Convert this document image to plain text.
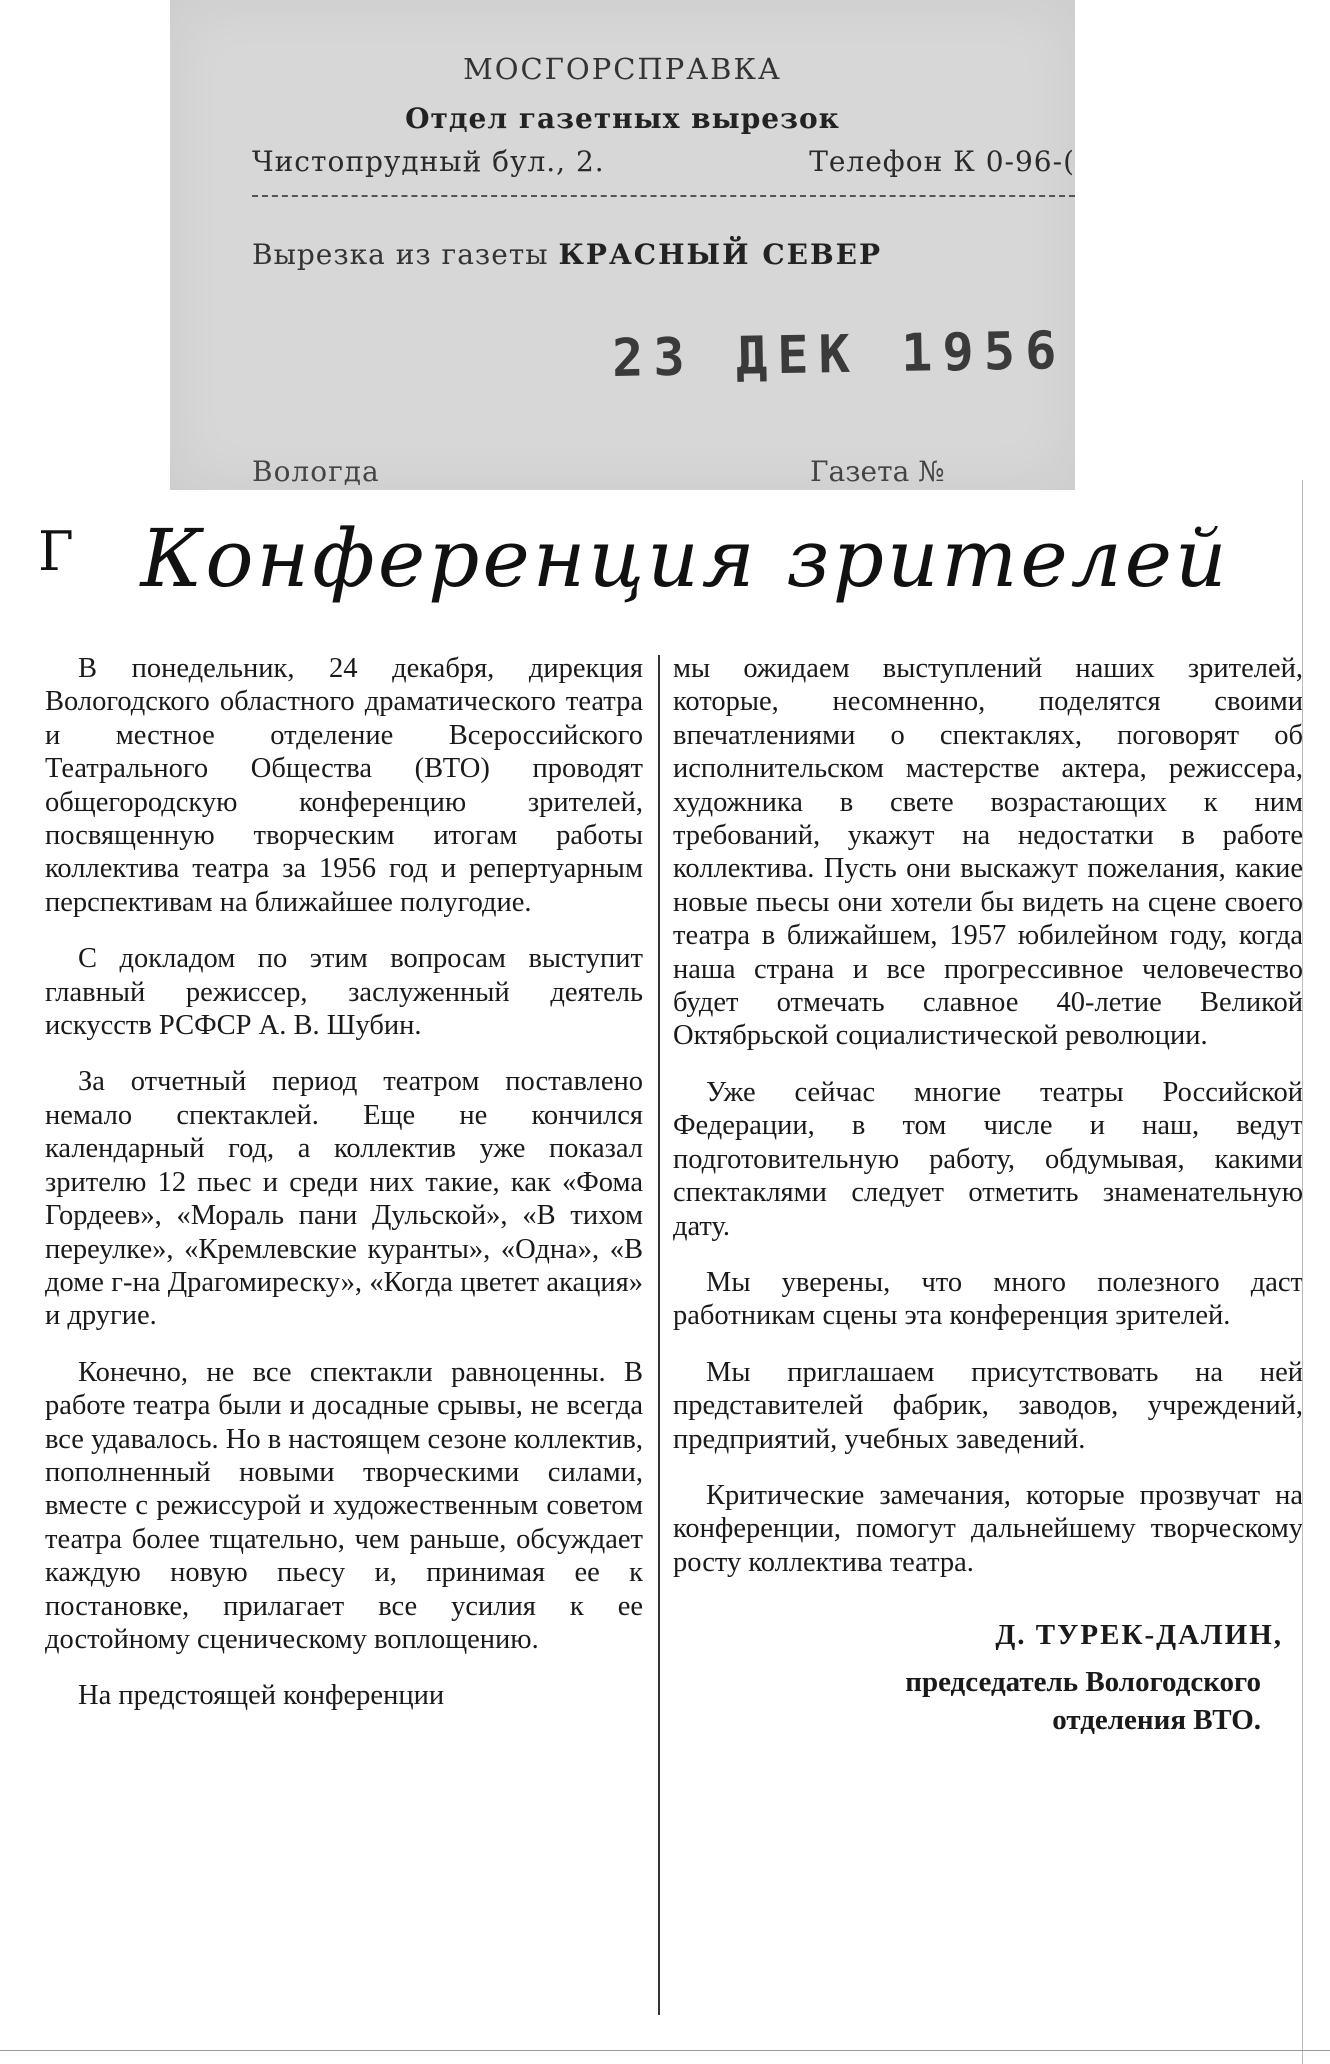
МОСГОРСПРАВКА
Отдел газетных вырезок
Чистопрудный бул., 2.	Телефон К 0-96-(
Вырезка из газеты КРАСНЫЙ СЕВЕР
23 ДЕК 1956
Вологда	Газета №
Г Конференция зрителей

В понедельник, 24 декабря, дирекция Вологодского областного драматического театра и местное отделение Всероссийского Театрального Общества (ВТО) проводят общегородскую конференцию зрителей, посвященную творческим итогам работы коллектива театра за 1956 год и репертуарным перспективам на ближайшее полугодие.

С докладом по этим вопросам выступит главный режиссер, заслуженный деятель искусств РСФСР А. В. Шубин.

За отчетный период театром поставлено немало спектаклей. Еще не кончился календарный год, а коллектив уже показал зрителю 12 пьес и среди них такие, как «Фома Гордеев», «Мораль пани Дульской», «В тихом переулке», «Кремлевские куранты», «Одна», «В доме г-на Драгомиреску», «Когда цветет акация» и другие.

Конечно, не все спектакли равноценны. В работе театра были и досадные срывы, не всегда все удавалось. Но в настоящем сезоне коллектив, пополненный новыми творческими силами, вместе с режиссурой и художественным советом театра более тщательно, чем раньше, обсуждает каждую новую пьесу и, принимая ее к постановке, прилагает все усилия к ее достойному сценическому воплощению.

На предстоящей конференции

мы ожидаем выступлений наших зрителей, которые, несомненно, поделятся своими впечатлениями о спектаклях, поговорят об исполнительском мастерстве актера, режиссера, художника в свете возрастающих к ним требований, укажут на недостатки в работе коллектива. Пусть они выскажут пожелания, какие новые пьесы они хотели бы видеть на сцене своего театра в ближайшем, 1957 юбилейном году, когда наша страна и все прогрессивное человечество будет отмечать славное 40-летие Великой Октябрьской социалистической революции.

Уже сейчас многие театры Российской Федерации, в том числе и наш, ведут подготовительную работу, обдумывая, какими спектаклями следует отметить знаменательную дату.

Мы уверены, что много полезного даст работникам сцены эта конференция зрителей.

Мы приглашаем присутствовать на ней представителей фабрик, заводов, учреждений, предприятий, учебных заведений.

Критические замечания, которые прозвучат на конференции, помогут дальнейшему творческому росту коллектива театра.

Д. ТУРЕК-ДАЛИН,
председатель Вологодского
отделения ВТО.
